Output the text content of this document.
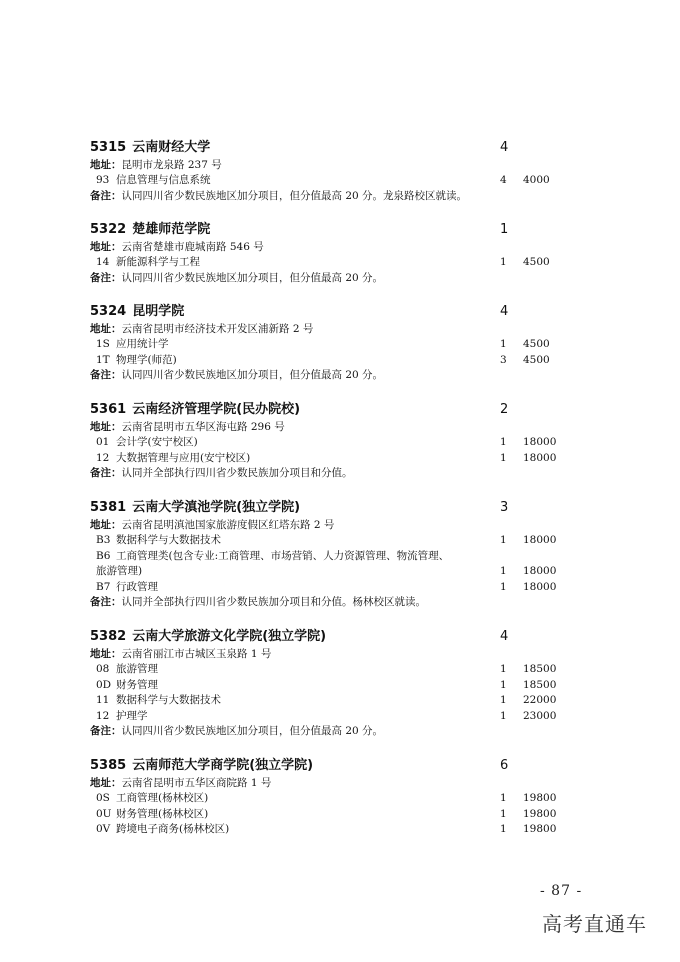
5315 云南财经大学	4
地址：昆明市龙泉路 237 号
93 信息管理与信息系统	4 4000
备注：认同四川省少数民族地区加分项目，但分值最高 20 分。龙泉路校区就读。
5322 楚雄师范学院	1
地址：云南省楚雄市鹿城南路 546 号
14 新能源科学与工程	1 4500
备注：认同四川省少数民族地区加分项目，但分值最高 20 分。
5324 昆明学院	4
地址：云南省昆明市经济技术开发区浦新路 2 号
1S 应用统计学	1 4500
1T 物理学(师范)	3 4500
备注：认同四川省少数民族地区加分项目，但分值最高 20 分。
5361 云南经济管理学院(民办院校)	2
地址：云南省昆明市五华区海屯路 296 号
01 会计学(安宁校区)	1 18000
12 大数据管理与应用(安宁校区)	1 18000
备注：认同并全部执行四川省少数民族加分项目和分值。
5381 云南大学滇池学院(独立学院)	3
地址：云南省昆明滇池国家旅游度假区红塔东路 2 号
B3 数据科学与大数据技术	1 18000
B6 工商管理类(包含专业:工商管理、市场营销、人力资源管理、物流管理、
旅游管理)	1 18000
B7 行政管理	1 18000
备注：认同并全部执行四川省少数民族加分项目和分值。杨林校区就读。
5382 云南大学旅游文化学院(独立学院)	4
地址：云南省丽江市古城区玉泉路 1 号
08 旅游管理	1 18500
0D 财务管理	1 18500
11 数据科学与大数据技术	1 22000
12 护理学	1 23000
备注：认同四川省少数民族地区加分项目，但分值最高 20 分。
5385 云南师范大学商学院(独立学院)	6
地址：云南省昆明市五华区商院路 1 号
0S 工商管理(杨林校区)	1 19800
0U 财务管理(杨林校区)	1 19800
0V 跨境电子商务(杨林校区)	1 19800
- 87 -
高考直通车
